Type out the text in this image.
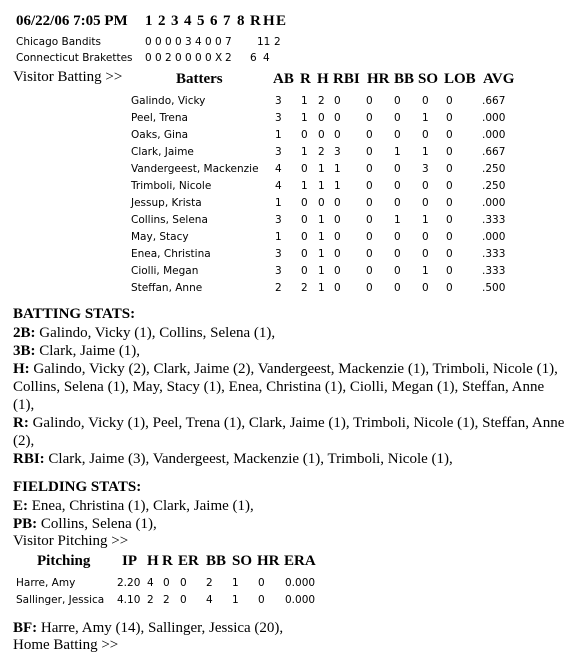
06/22/06 7:05 PM 1 2 3 4 5 6 7 8 R H E
Chicago Bandits	0 0 0 0 3 4 0 0 7 11 2
Connecticut Brakettes 0 0 2 0 0 0 0 X 2 6 4
Visitor Batting >>	Batters	AB R H RBI HR BB SO LOB AVG
Galindo, Vicky	3 1 2 0 0 0 0 0	.667
Peel, Trena	3 1 0 0 0 0 1 0	.000
Oaks, Gina	1 0 0 0 0 0 0 0	.000
Clark, Jaime	3 1 2 3 0 1 1 0	.667
Vandergeest, Mackenzie 4 0 1 1 0 0 3 0	.250
Trimboli, Nicole	4 1 1 1 0 0 0 0	.250
Jessup, Krista	1 0 0 0 0 0 0 0	.000
Collins, Selena	3 0 1 0 0 1 1 0	.333
May, Stacy	1 0 1 0 0 0 0 0	.000
Enea, Christina	3 0 1 0 0 0 0 0	.333
Ciolli, Megan	3 0 1 0 0 0 1 0	.333
Steffan, Anne	2 2 1 0 0 0 0 0	.500
BATTING STATS:
2B: Galindo, Vicky (1), Collins, Selena (1),
3B: Clark, Jaime (1),
H: Galindo, Vicky (2), Clark, Jaime (2), Vandergeest, Mackenzie (1), Trimboli, Nicole (1), Collins, Selena (1), May, Stacy (1), Enea, Christina (1), Ciolli, Megan (1), Steffan, Anne (1),
R: Galindo, Vicky (1), Peel, Trena (1), Clark, Jaime (1), Trimboli, Nicole (1), Steffan, Anne (2),
RBI: Clark, Jaime (3), Vandergeest, Mackenzie (1), Trimboli, Nicole (1),
FIELDING STATS:
E: Enea, Christina (1), Clark, Jaime (1),
PB: Collins, Selena (1),
Visitor Pitching >>
Pitching IP H R ER BB SO HR ERA
Harre, Amy	2.20 4 0 0 2 1 0 0.000
Sallinger, Jessica 4.10 2 2 0 4 1 0 0.000
BF: Harre, Amy (14), Sallinger, Jessica (20),
Home Batting >>
